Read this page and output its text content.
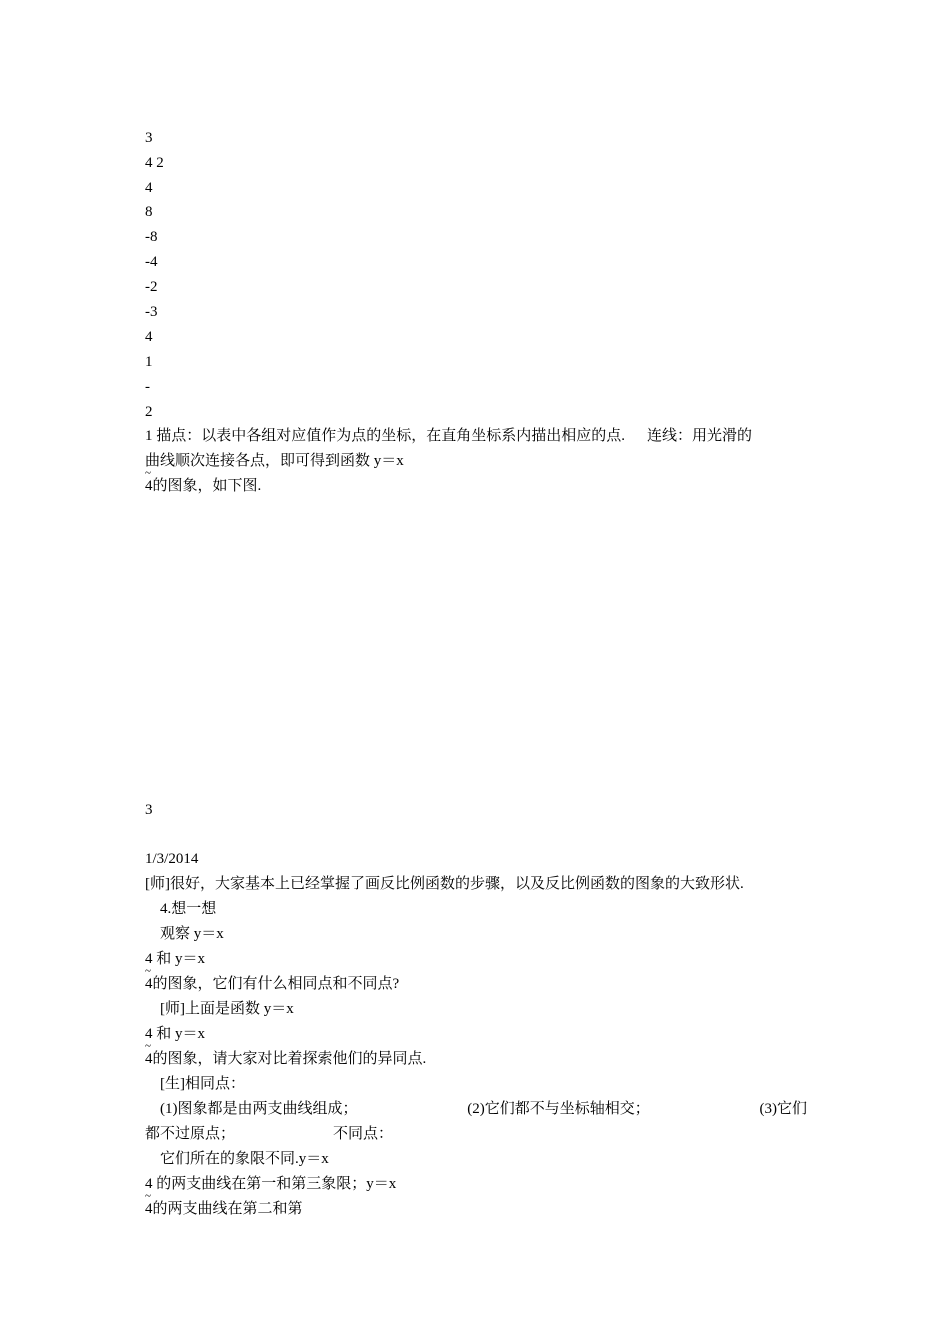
3
4 2
4
8
-8
-4
-2
-3
4
1
-
2
1 描点：以表中各组对应值作为点的坐标，在直角坐标系内描出相应的点. 连线：用光滑的
曲线顺次连接各点，即可得到函数 y＝x
~ 4的图象，如下图.
3
1/3/2014
[师]很好，大家基本上已经掌握了画反比例函数的步骤，以及反比例函数的图象的大致形状.
4.想一想
观察 y＝x
4 和 y＝x
~ 4的图象，它们有什么相同点和不同点?
[师]上面是函数 y＝x
4 和 y＝x
~ 4的图象，请大家对比着探索他们的异同点.
[生]相同点：
(1)图象都是由两支曲线组成；	(2)它们都不与坐标轴相交；	(3)它们
都不过原点；	不同点：
它们所在的象限不同.y＝x
4 的两支曲线在第一和第三象限；y＝x
~ 4的两支曲线在第二和第
